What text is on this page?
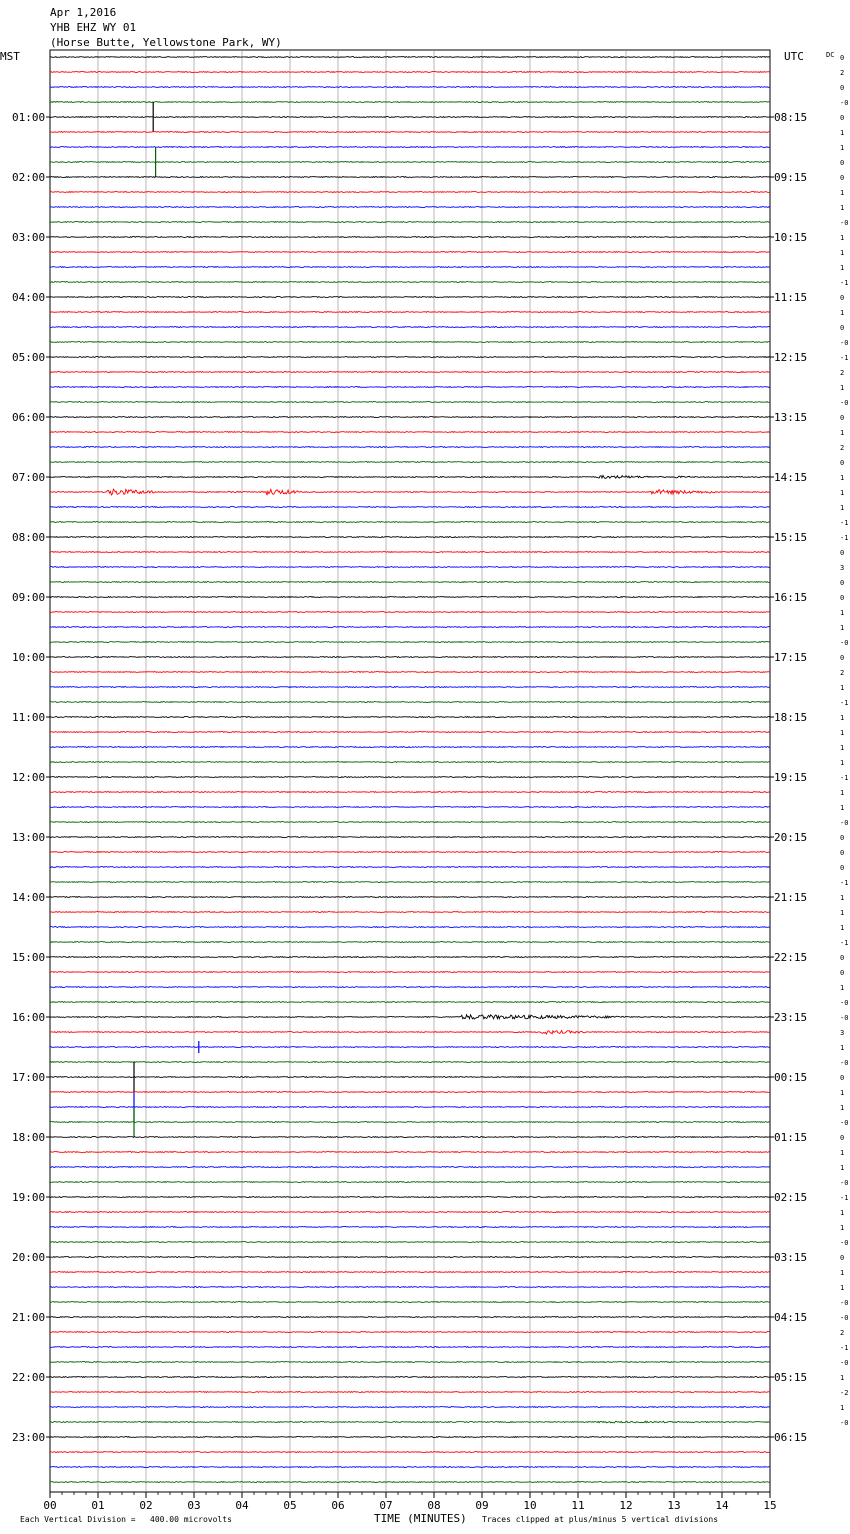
Apr 1,2016
YHB EHZ WY 01
(Horse Butte, Yellowstone Park, WY)
MST	UTC	DC
01:00
02:00
03:00
04:00
05:00
06:00
07:00
08:00
09:00
10:00
11:00
12:00
13:00
14:00
15:00
16:00
17:00
18:00
19:00
20:00
21:00
22:00
23:00
08:15
09:15
10:15
11:15
12:15
13:15
14:15
15:15
16:15
17:15
18:15
19:15
20:15
21:15
22:15
23:15
00:15
01:15
02:15
03:15
04:15
05:15
06:15
0
2
0
-0
0
1
1
0
0
1
1
-0
1
1
1
-1
0
1
0
-0
-1
2
1
-0
0
1
2
0
1
1
1
-1
-1
0
3
0
0
1
1
-0
0
2
1
-1
1
1
1
1
-1
1
1
-0
0
0
0
-1
1
1
1
-1
0
0
1
-0
-0
3
1
-0
0
1
1
-0
0
1
1
-0
-1
1
1
-0
0
1
1
-0
-0
2
-1
-0
1
-2
1
-0
00	01	02	03	04	05	06	07	08	09	10	11	12	13	14	15
Each Vertical Division = 400.00 microvolts	TIME (MINUTES) Traces clipped at plus/minus 5 vertical divisions
